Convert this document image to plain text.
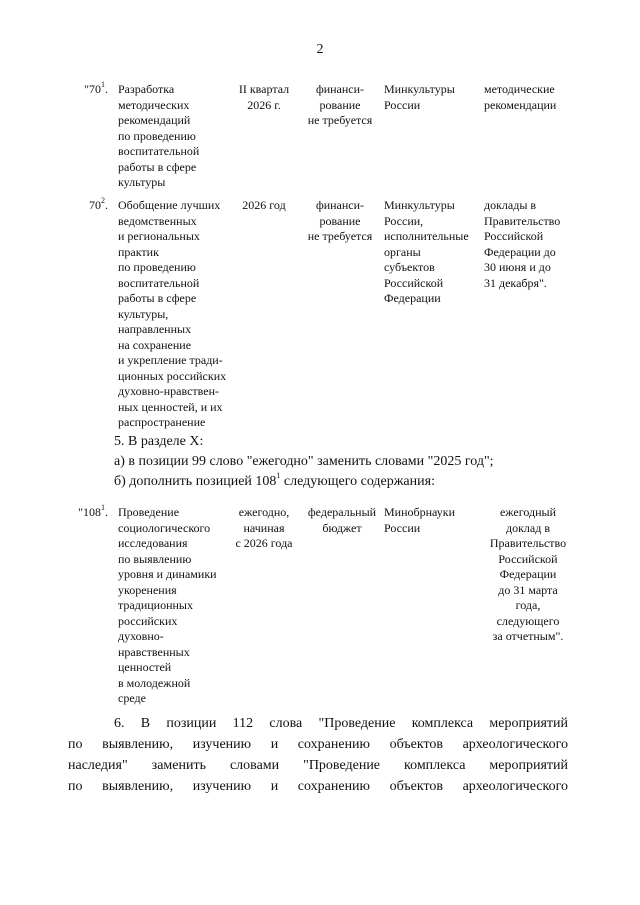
2
"$70^1$. Разработка
методических
рекомендаций
по проведению
воспитательной
работы в сфере
культуры
II квартал
2026 г.
финанси-
рование
не требуется
Минкультуры
России
методические
рекомендации
$70^2$. Обобщение лучших
ведомственных
и региональных
практик
по проведению
воспитательной
работы в сфере
культуры,
направленных
на сохранение
и укрепление тради-
ционных российских
духовно-нравствен-
ных ценностей, и их
распространение
2026 год	финанси-
рование
не требуется
Минкультуры
России,
исполнительные
органы
субъектов
Российской
Федерации
доклады в
Правительство
Российской
Федерации до
30 июня и до
31 декабря".
5. В разделе X:
а) в позиции 99 слово "ежегодно" заменить словами "2025 год";
б) дополнить позицией $108^1$ следующего содержания:
"$108^1$. Проведение
социологического
исследования
по выявлению
уровня и динамики
укоренения
традиционных
российских
духовно-
нравственных
ценностей
в молодежной
среде
ежегодно,
начиная
с 2026 года
федеральный
бюджет
Минобрнауки
России
ежегодный
доклад в
Правительство
Российской
Федерации
до 31 марта
года,
следующего
за отчетным".
6. В позиции 112 слова "Проведение комплекса мероприятий
по выявлению, изучению и сохранению объектов археологического
наследия" заменить словами "Проведение комплекса мероприятий
по выявлению, изучению и сохранению объектов археологического
